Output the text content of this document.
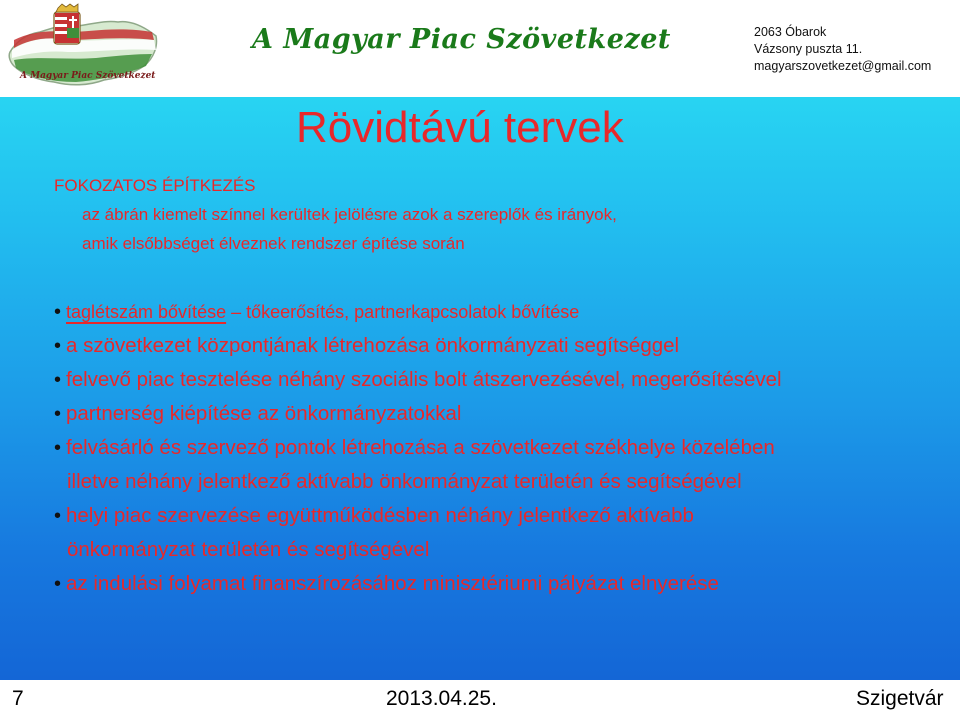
A Magyar Piac Szövetkezet
A Magyar Piac Szövetkezet	2063 Óbarok
Vázsony puszta 11.
magyarszovetkezet@gmail.com
Rövidtávú tervek
FOKOZATOS ÉPÍTKEZÉS
az ábrán kiemelt színnel kerültek jelölésre azok a szereplők és irányok,
amik elsőbbséget élveznek rendszer építése során
• taglétszám bővítése – tőkeerősítés, partnerkapcsolatok bővítése
• a szövetkezet központjának létrehozása önkormányzati segítséggel
• felvevő piac tesztelése néhány szociális bolt átszervezésével, megerősítésével
• partnerség kiépítése az önkormányzatokkal
• felvásárló és szervező pontok létrehozása a szövetkezet székhelye közelében
illetve néhány jelentkező aktívabb önkormányzat területén és segítségével
• helyi piac szervezése együttműködésben néhány jelentkező aktívabb
önkormányzat területén és segítségével
• az indulási folyamat finanszírozásához minisztériumi pályázat elnyerése
7	2013.04.25.	Szigetvár
